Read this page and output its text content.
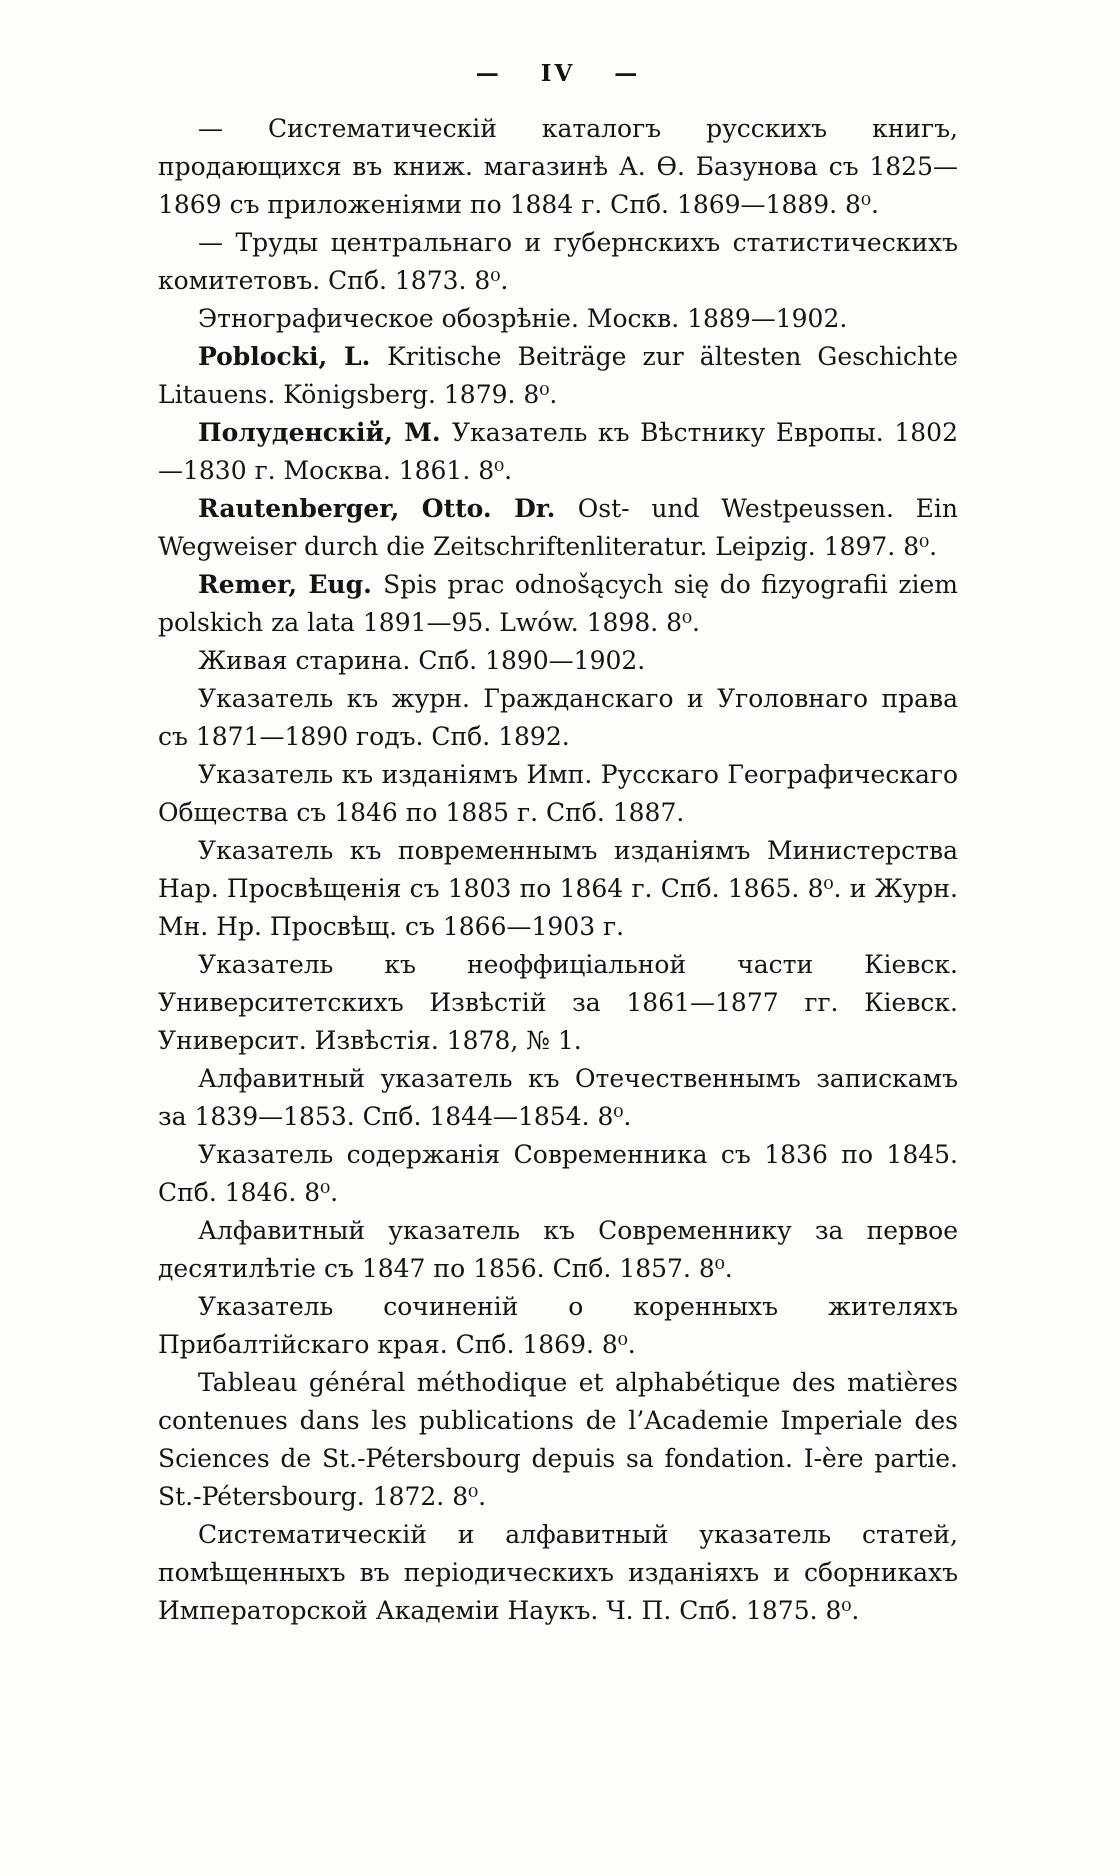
— IV —

— Систематическій каталогъ русскихъ книгъ, продающихся въ книж. магазинѣ А. Ѳ. Базунова съ 1825—1869 съ приложеніями по 1884 г. Спб. 1869—1889. 8⁰.

— Труды центральнаго и губернскихъ статистическихъ комитетовъ. Спб. 1873. 8⁰.

Этнографическое обозрѣніе. Москв. 1889—1902.

Poblocki, L. Kritische Beiträge zur ältesten Geschichte Litauens. Königsberg. 1879. 8⁰.

Полуденскій, М. Указатель къ Вѣстнику Европы. 1802—1830 г. Москва. 1861. 8⁰.

Rautenberger, Otto. Dr. Ost- und Westpeussen. Ein Wegweiser durch die Zeitschriftenliteratur. Leipzig. 1897. 8⁰.

Remer, Eug. Spis prac odnošących się do fizyografii ziem polskich za lata 1891—95. Lwów. 1898. 8⁰.

Живая старина. Спб. 1890—1902.

Указатель къ журн. Гражданскаго и Уголовнаго права съ 1871—1890 годъ. Спб. 1892.

Указатель къ изданіямъ Имп. Русскаго Географическаго Общества съ 1846 по 1885 г. Спб. 1887.

Указатель къ повременнымъ изданіямъ Министерства Нар. Просвѣщенія съ 1803 по 1864 г. Спб. 1865. 8⁰. и Журн. Мн. Нр. Просвѣщ. съ 1866—1903 г.

Указатель къ неоффиціальной части Кіевск. Университетскихъ Извѣстій за 1861—1877 гг. Кіевск. Университ. Извѣстія. 1878, № 1.

Алфавитный указатель къ Отечественнымъ запискамъ за 1839—1853. Спб. 1844—1854. 8⁰.

Указатель содержанія Современника съ 1836 по 1845. Спб. 1846. 8⁰.

Алфавитный указатель къ Современнику за первое десятилѣтіе съ 1847 по 1856. Спб. 1857. 8⁰.

Указатель сочиненій о коренныхъ жителяхъ Прибалтійскаго края. Спб. 1869. 8⁰.

Tableau général méthodique et alphabétique des matières contenues dans les publications de l’Academie Imperiale des Sciences de St.-Pétersbourg depuis sa fondation. I-ère partie. St.-Pétersbourg. 1872. 8⁰.

Систематическій и алфавитный указатель статей, помѣщенныхъ въ періодическихъ изданіяхъ и сборникахъ Императорской Академіи Наукъ. Ч. П. Спб. 1875. 8⁰.
